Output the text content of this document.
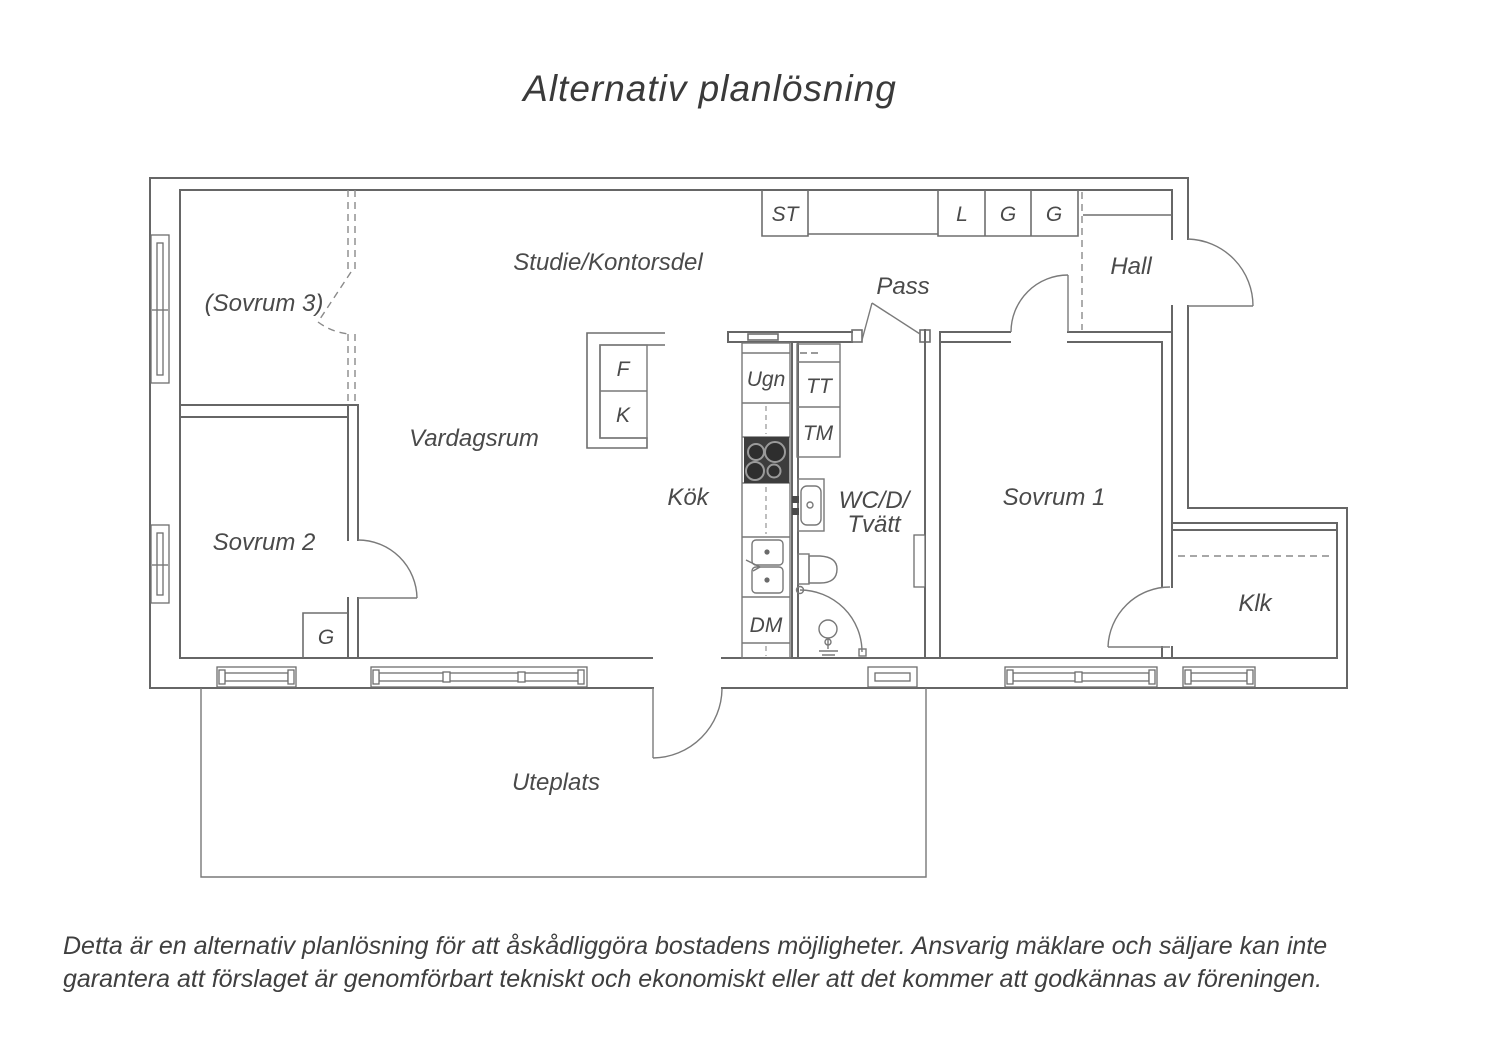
Alternativ planlösning
(Sovrum 3)
Studie/Kontorsdel
Pass
Hall
Vardagsrum
Kök
Sovrum 2
Sovrum 1
WC/D/
Tvätt
Klk
Uteplats
ST	L G G
G
F
K
Ugn TT
TM
DM
Detta är en alternativ planlösning för att åskådliggöra bostadens möjligheter. Ansvarig mäklare och säljare kan inte
garantera att förslaget är genomförbart tekniskt och ekonomiskt eller att det kommer att godkännas av föreningen.
